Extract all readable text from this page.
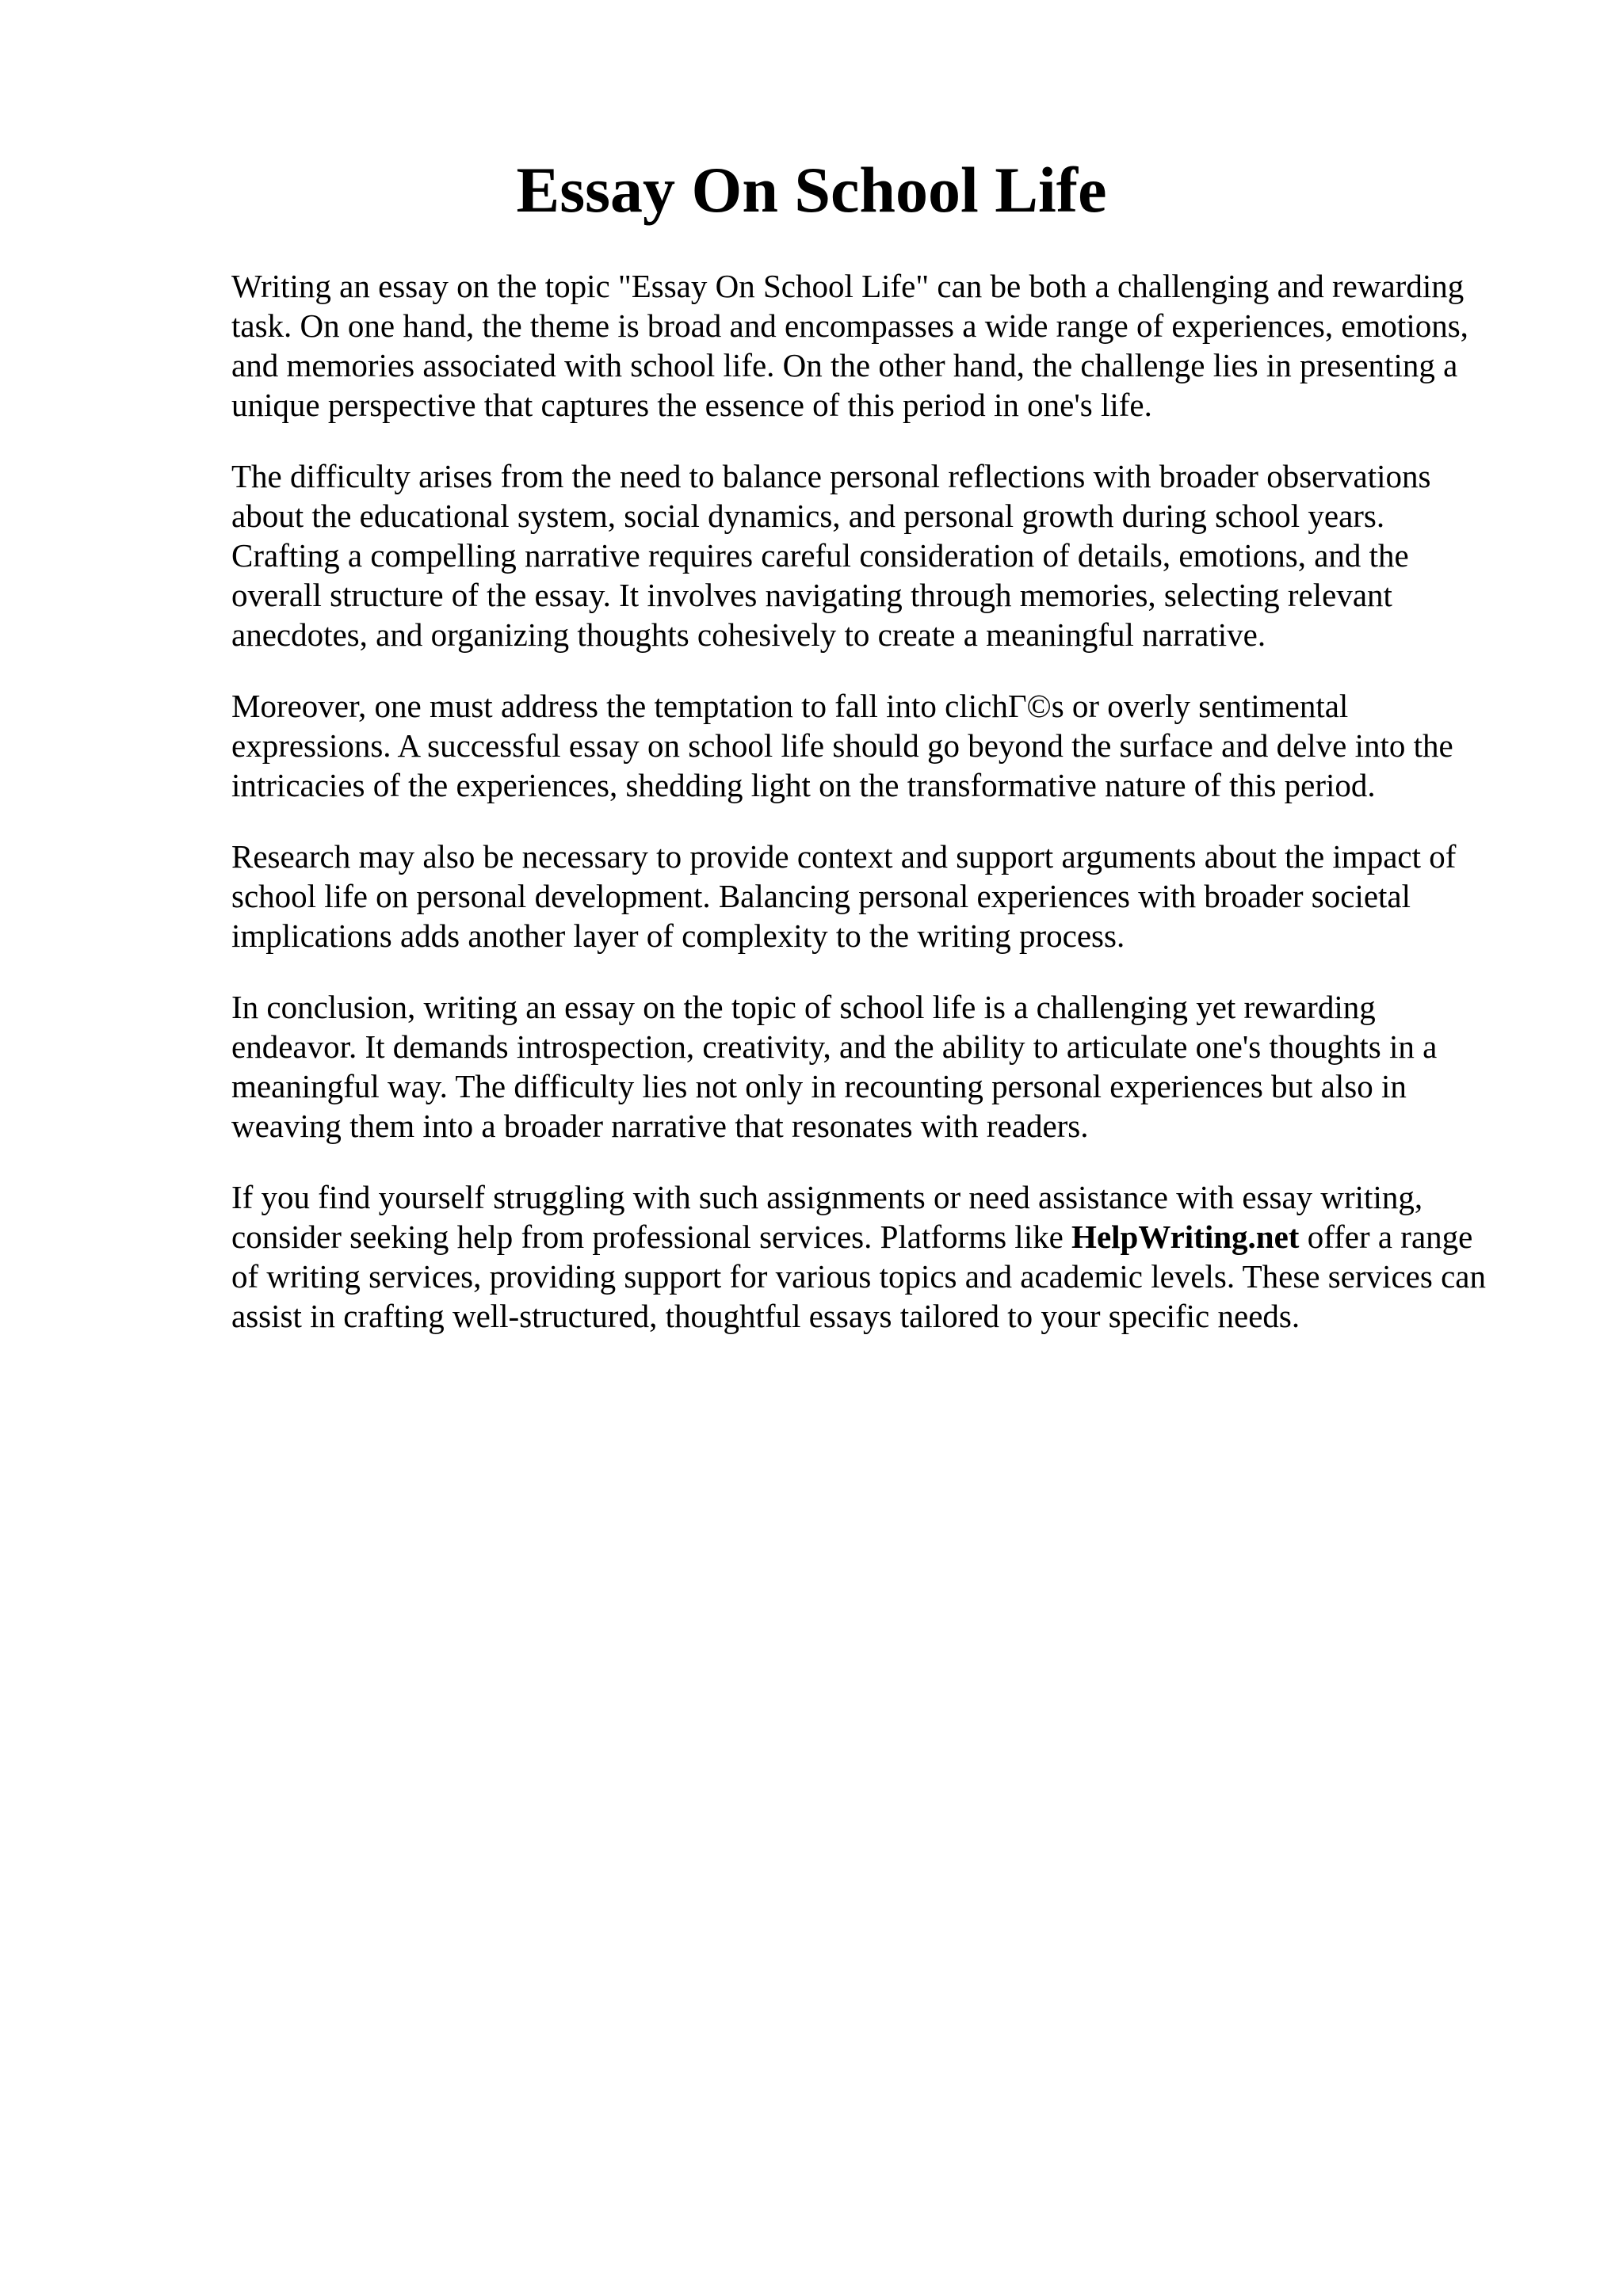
Essay On School Life

Writing an essay on the topic "Essay On School Life" can be both a challenging and rewarding
task. On one hand, the theme is broad and encompasses a wide range of experiences, emotions,
and memories associated with school life. On the other hand, the challenge lies in presenting a
unique perspective that captures the essence of this period in one's life.

The difficulty arises from the need to balance personal reflections with broader observations
about the educational system, social dynamics, and personal growth during school years.
Crafting a compelling narrative requires careful consideration of details, emotions, and the
overall structure of the essay. It involves navigating through memories, selecting relevant
anecdotes, and organizing thoughts cohesively to create a meaningful narrative.

Moreover, one must address the temptation to fall into clichΓ©s or overly sentimental
expressions. A successful essay on school life should go beyond the surface and delve into the
intricacies of the experiences, shedding light on the transformative nature of this period.

Research may also be necessary to provide context and support arguments about the impact of
school life on personal development. Balancing personal experiences with broader societal
implications adds another layer of complexity to the writing process.

In conclusion, writing an essay on the topic of school life is a challenging yet rewarding
endeavor. It demands introspection, creativity, and the ability to articulate one's thoughts in a
meaningful way. The difficulty lies not only in recounting personal experiences but also in
weaving them into a broader narrative that resonates with readers.

If you find yourself struggling with such assignments or need assistance with essay writing,
consider seeking help from professional services. Platforms like HelpWriting.net offer a range
of writing services, providing support for various topics and academic levels. These services can
assist in crafting well-structured, thoughtful essays tailored to your specific needs.
